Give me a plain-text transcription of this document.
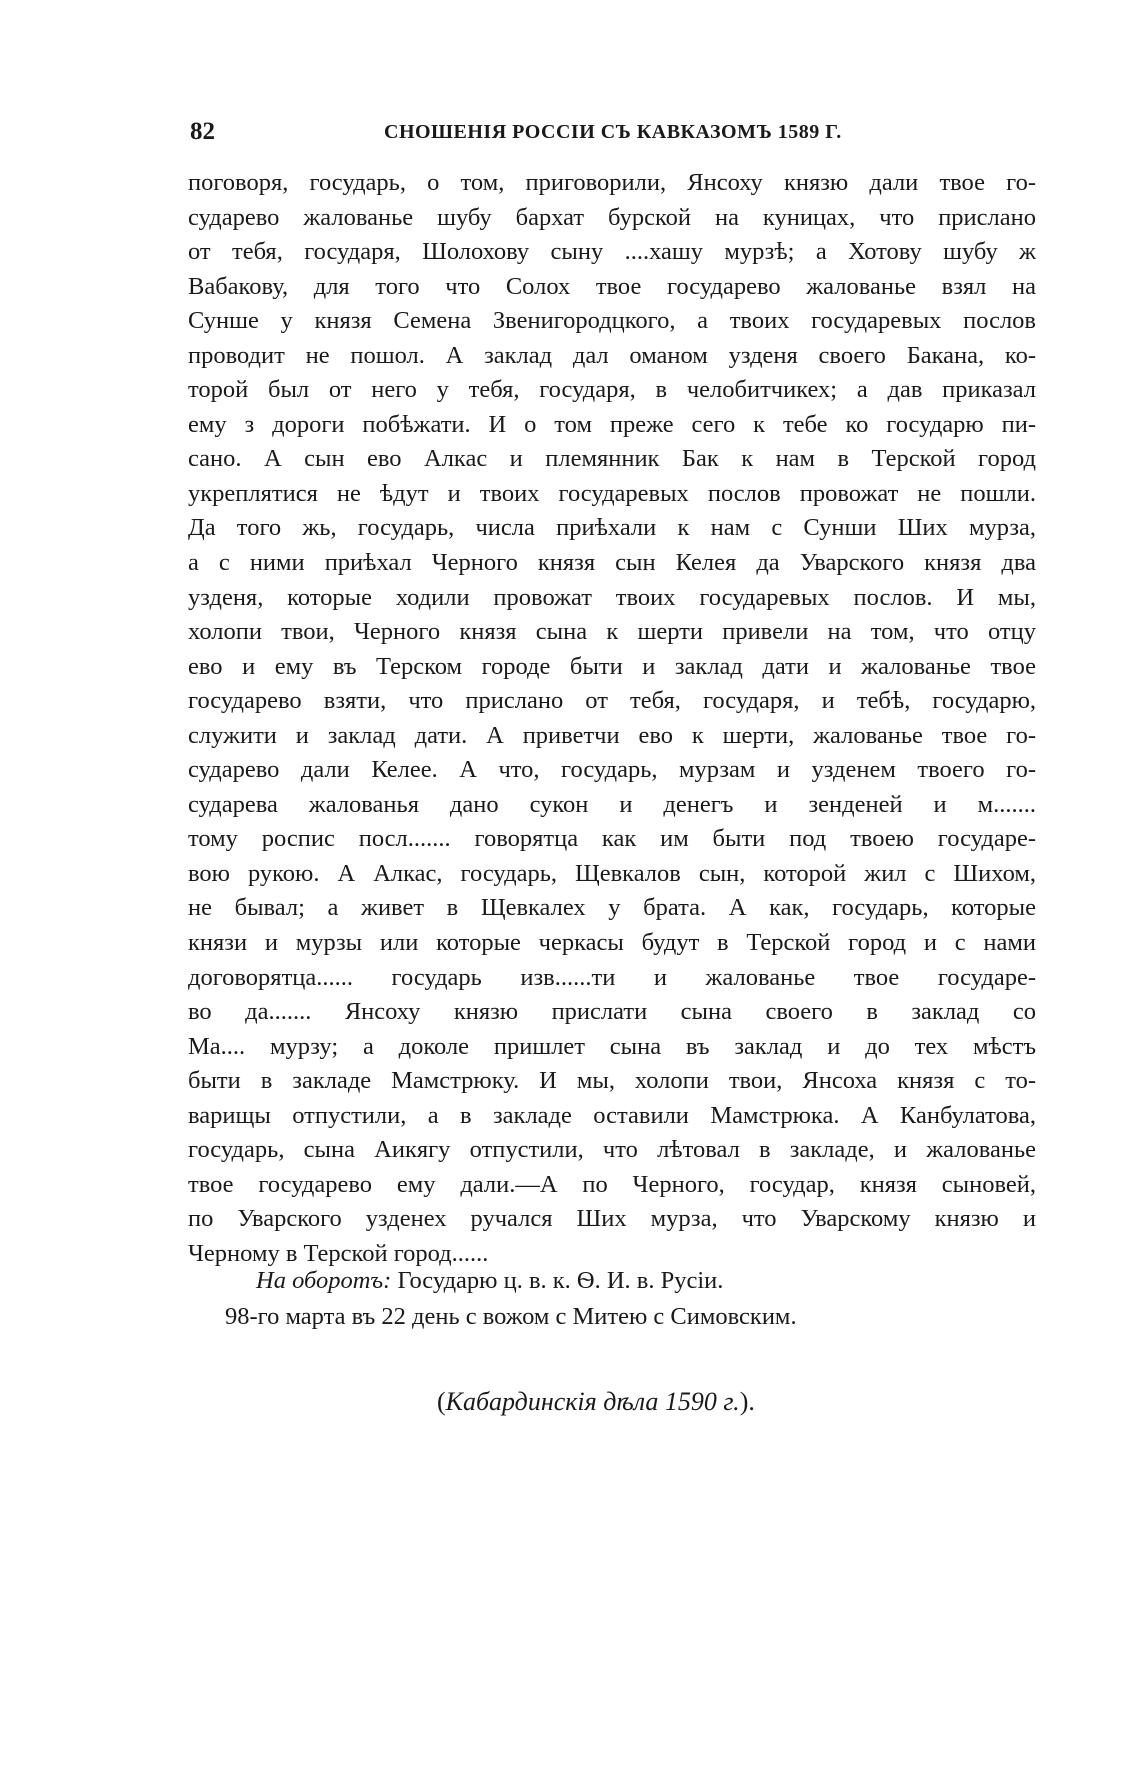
82	СНОШЕНІЯ РОССІИ СЪ КАВКАЗОМЪ 1589 Г.
поговоря, государь, о том, приговорили, Янсоху князю дали твое го-
сударево жалованье шубу бархат бурской на куницах, что прислано
от тебя, государя, Шолохову сыну ....хашу мурзѣ; а Хотову шубу ж
Вабакову, для того что Солох твое государево жалованье взял на
Сунше у князя Семена Звенигородцкого, а твоих государевых послов
проводит не пошол. А заклад дал оманом узденя своего Бакана, ко-
торой был от него у тебя, государя, в челобитчикех; а дав приказал
ему з дороги побѣжати. И о том преже сего к тебе ко государю пи-
сано. А сын ево Алкас и племянник Бак к нам в Терской город
укреплятися не ѣдут и твоих государевых послов провожат не пошли.
Да того жь, государь, числа приѣхали к нам с Сунши Ших мурза,
а с ними приѣхал Черного князя сын Келея да Уварского князя два
узденя, которые ходили провожат твоих государевых послов. И мы,
холопи твои, Черного князя сына к шерти привели на том, что отцу
ево и ему въ Терском городе быти и заклад дати и жалованье твое
государево взяти, что прислано от тебя, государя, и тебѣ, государю,
служити и заклад дати. А приветчи ево к шерти, жалованье твое го-
сударево дали Келее. А что, государь, мурзам и узденем твоего го-
сударева жалованья дано сукон и денегъ и зенденей и м.......
тому роспис посл....... говорятца как им быти под твоею государе-
вою рукою. А Алкас, государь, Щевкалов сын, которой жил с Шихом,
не бывал; а живет в Щевкалех у брата. А как, государь, которые
князи и мурзы или которые черкасы будут в Терской город и с нами
договорятца...... государь изв......ти и жалованье твое государе-
во да....... Янсоху князю прислати сына своего в заклад со
Ма.... мурзу; а доколе пришлет сына въ заклад и до тех мѣстъ
быти в закладе Мамстрюку. И мы, холопи твои, Янсоха князя с то-
варищы отпустили, а в закладе оставили Мамстрюка. А Канбулатова,
государь, сына Аикягу отпустили, что лѣтовал в закладе, и жалованье
твое государево ему дали.—А по Черного, государ, князя сыновей,
по Уварского узденех ручался Ших мурза, что Уварскому князю и
Черному в Терской город......
На оборотъ: Государю ц. в. к. Ѳ. И. в. Русіи.
98-го марта въ 22 день с вожом с Митею с Симовским.
(Кабардинскія дѣла 1590 г.).
